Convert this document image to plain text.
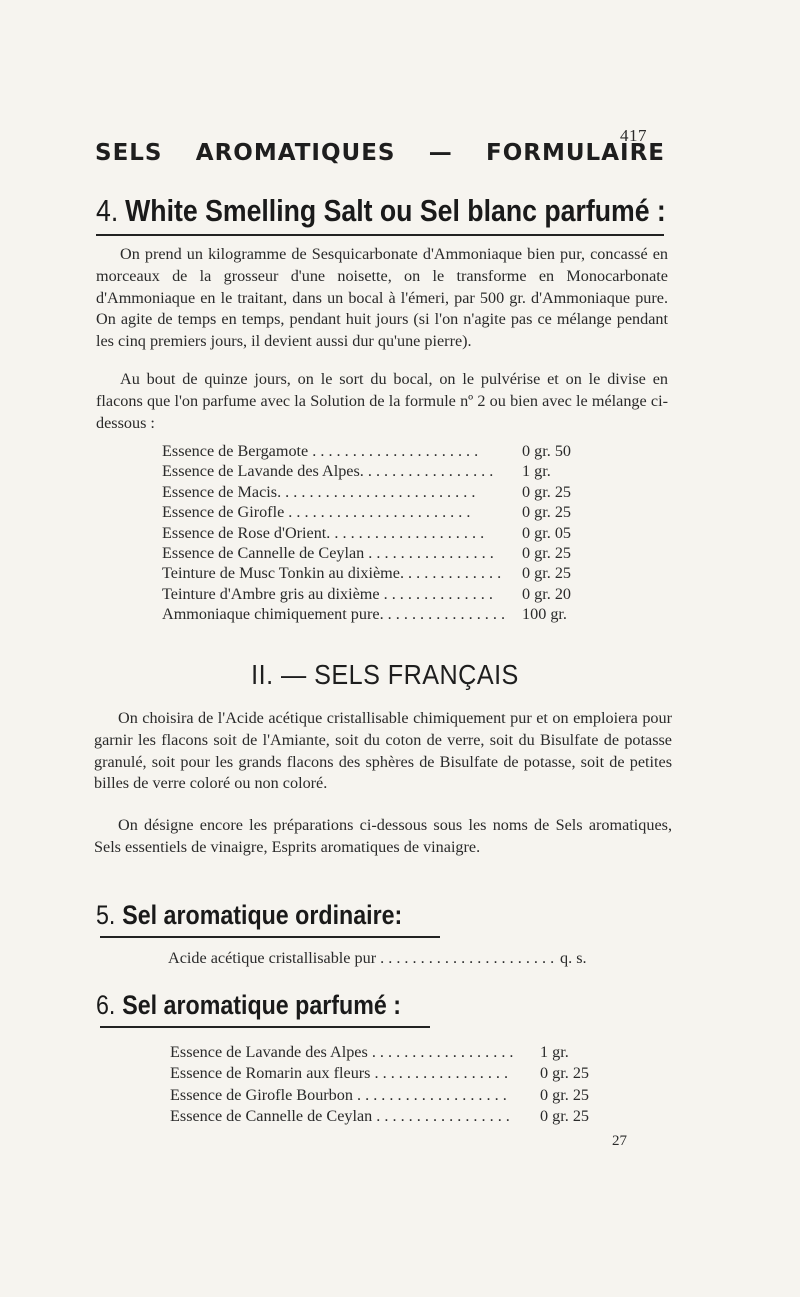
417
SELS AROMATIQUES — FORMULAIRE
4. White Smelling Salt ou Sel blanc parfumé :
On prend un kilogramme de Sesquicarbonate d'Ammoniaque bien pur, concassé en morceaux de la grosseur d'une noisette, on le transforme en Monocarbonate d'Ammoniaque en le traitant, dans un bocal à l'émeri, par 500 gr. d'Ammoniaque pure. On agite de temps en temps, pendant huit jours (si l'on n'agite pas ce mélange pendant les cinq premiers jours, il devient aussi dur qu'une pierre).
Au bout de quinze jours, on le sort du bocal, on le pulvérise et on le divise en flacons que l'on parfume avec la Solution de la formule nº 2 ou bien avec le mélange ci-dessous :
Essence de Bergamote . . . . . . . . . . . . . . . . . . . . .	0 gr. 50
Essence de Lavande des Alpes. . . . . . . . . . . . . . . . .	1 gr.
Essence de Macis. . . . . . . . . . . . . . . . . . . . . . . . .	0 gr. 25
Essence de Girofle . . . . . . . . . . . . . . . . . . . . . . .	0 gr. 25
Essence de Rose d'Orient. . . . . . . . . . . . . . . . . . . .	0 gr. 05
Essence de Cannelle de Ceylan . . . . . . . . . . . . . . . .	0 gr. 25
Teinture de Musc Tonkin au dixième. . . . . . . . . . . . .	0 gr. 25
Teinture d'Ambre gris au dixième . . . . . . . . . . . . . .	0 gr. 20
Ammoniaque chimiquement pure. . . . . . . . . . . . . . . .	100 gr.
II. — SELS FRANÇAIS
On choisira de l'Acide acétique cristallisable chimiquement pur et on emploiera pour garnir les flacons soit de l'Amiante, soit du coton de verre, soit du Bisulfate de potasse granulé, soit pour les grands flacons des sphères de Bisulfate de potasse, soit de petites billes de verre coloré ou non coloré.
On désigne encore les préparations ci-dessous sous les noms de Sels aromatiques, Sels essentiels de vinaigre, Esprits aromatiques de vinaigre.
5. Sel aromatique ordinaire:
Acide acétique cristallisable pur . . . . . . . . . . . . . . . . . . . . . . q. s.
6. Sel aromatique parfumé :
Essence de Lavande des Alpes . . . . . . . . . . . . . . . . . .	1 gr.
Essence de Romarin aux fleurs . . . . . . . . . . . . . . . . .	0 gr. 25
Essence de Girofle Bourbon . . . . . . . . . . . . . . . . . . .	0 gr. 25
Essence de Cannelle de Ceylan . . . . . . . . . . . . . . . . .	0 gr. 25
27
